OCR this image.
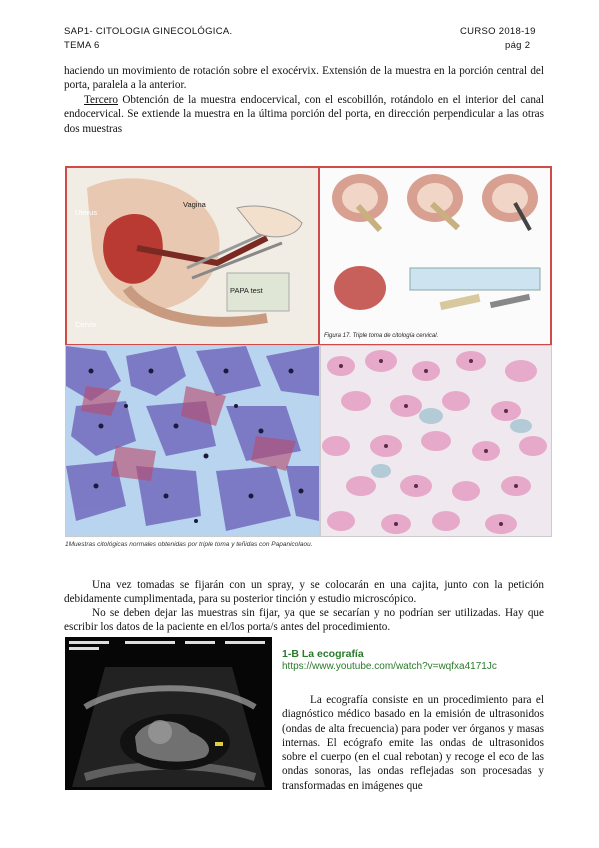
SAP1- CITOLOGIA GINECOLÓGICA.
TEMA 6
CURSO 2018-19
pág 2
haciendo un movimiento de rotación sobre el exocérvix. Extensión de la muestra en la porción central del porta, paralela a la anterior.
Tercero Obtención de la muestra endocervical, con el escobillón, rotándolo en el interior del canal endocervical. Se extiende la muestra en la última porción del porta, en dirección perpendicular a las otras dos muestras
Uterus
Vagina
Cervix
PAPA test
Figura 17. Triple toma de citología cervical.
1Muestras citológicas normales obtenidas por triple toma y teñidas con Papanicolaou.
Una vez tomadas se fijarán con un spray, y se colocarán en una cajita, junto con la petición debidamente cumplimentada, para su posterior tinción y estudio microscópico.
No se deben dejar las muestras sin fijar, ya que se secarían y no podrían ser utilizadas. Hay que escribir los datos de la paciente en el/los porta/s antes del procedimiento.
1-B La ecografía
https://www.youtube.com/watch?v=wqfxa4171Jc
La ecografía consiste en un procedimiento para el diagnóstico médico basado en la emisión de ultrasonidos (ondas de alta frecuencia) para poder ver órganos y masas internas. El ecógrafo emite las ondas de ultrasonidos sobre el cuerpo (en el cual rebotan) y recoge el eco de las ondas sonoras, las ondas reflejadas son procesadas y transformadas en imágenes que
